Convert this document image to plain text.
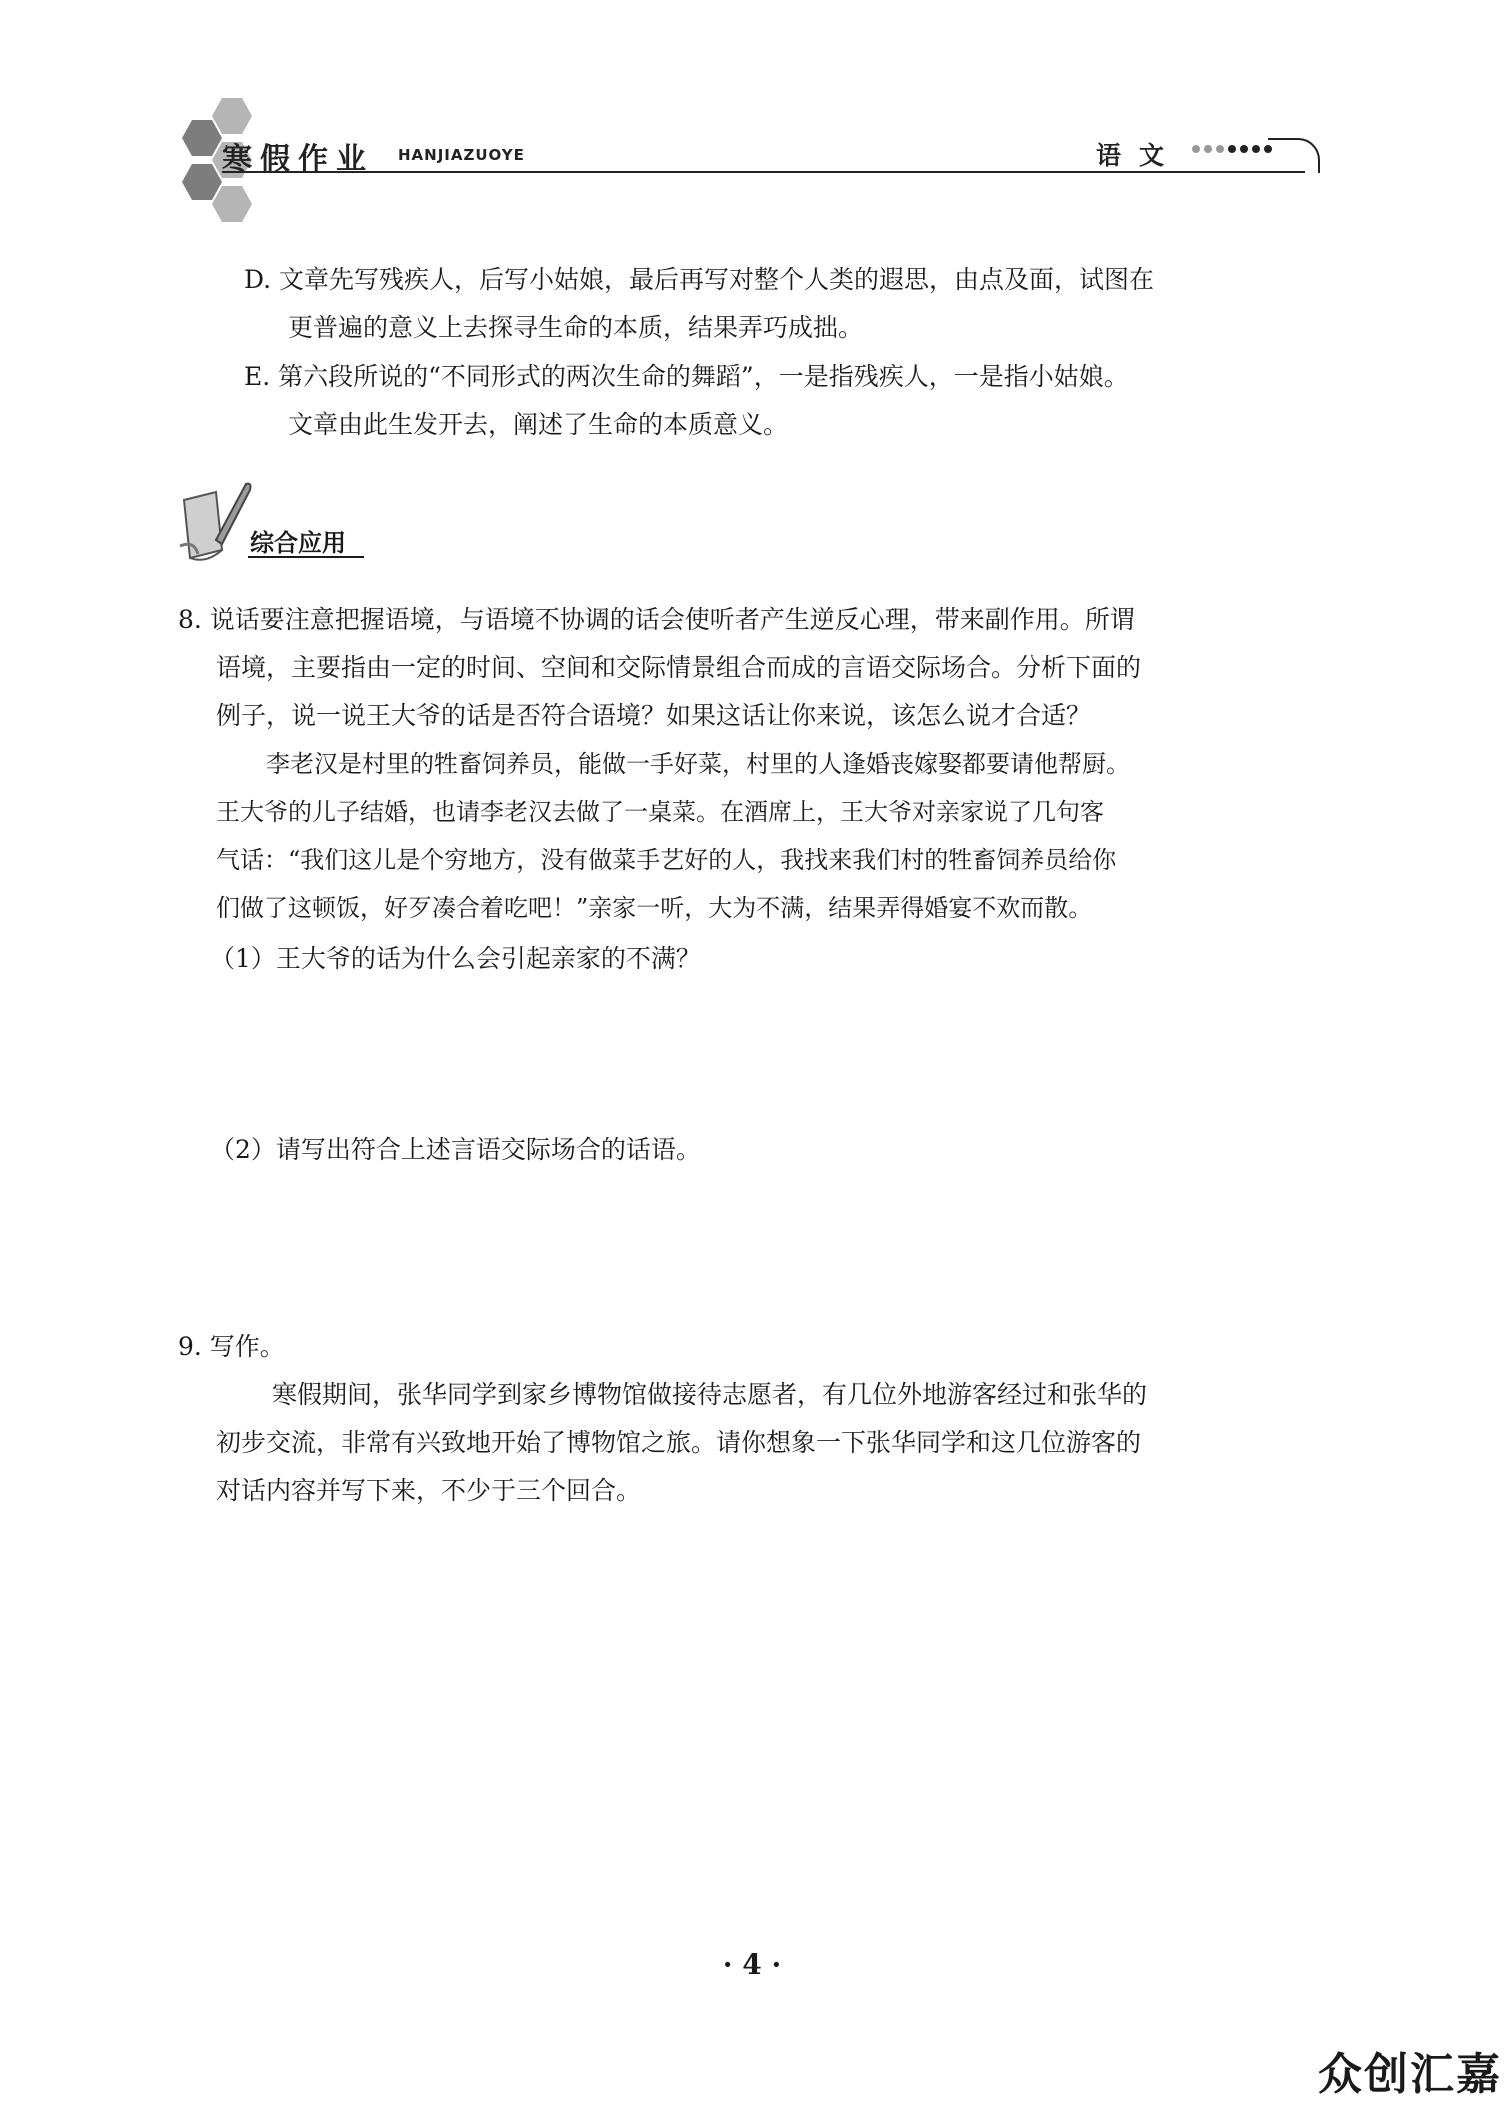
寒假作业 HANJIAZUOYE	语文
D. 文章先写残疾人，后写小姑娘，最后再写对整个人类的遐思，由点及面，试图在
更普遍的意义上去探寻生命的本质，结果弄巧成拙。
E. 第六段所说的“不同形式的两次生命的舞蹈”，一是指残疾人，一是指小姑娘。
文章由此生发开去，阐述了生命的本质意义。
综合应用
8. 说话要注意把握语境，与语境不协调的话会使听者产生逆反心理，带来副作用。所谓
语境，主要指由一定的时间、空间和交际情景组合而成的言语交际场合。分析下面的
例子，说一说王大爷的话是否符合语境？如果这话让你来说，该怎么说才合适？
李老汉是村里的牲畜饲养员，能做一手好菜，村里的人逢婚丧嫁娶都要请他帮厨。
王大爷的儿子结婚，也请李老汉去做了一桌菜。在酒席上，王大爷对亲家说了几句客
气话：“我们这儿是个穷地方，没有做菜手艺好的人，我找来我们村的牲畜饲养员给你
们做了这顿饭，好歹凑合着吃吧！”亲家一听，大为不满，结果弄得婚宴不欢而散。
（1）王大爷的话为什么会引起亲家的不满？
（2）请写出符合上述言语交际场合的话语。
9. 写作。
寒假期间，张华同学到家乡博物馆做接待志愿者，有几位外地游客经过和张华的
初步交流，非常有兴致地开始了博物馆之旅。请你想象一下张华同学和这几位游客的
对话内容并写下来，不少于三个回合。
· 4 ·
众创汇嘉
